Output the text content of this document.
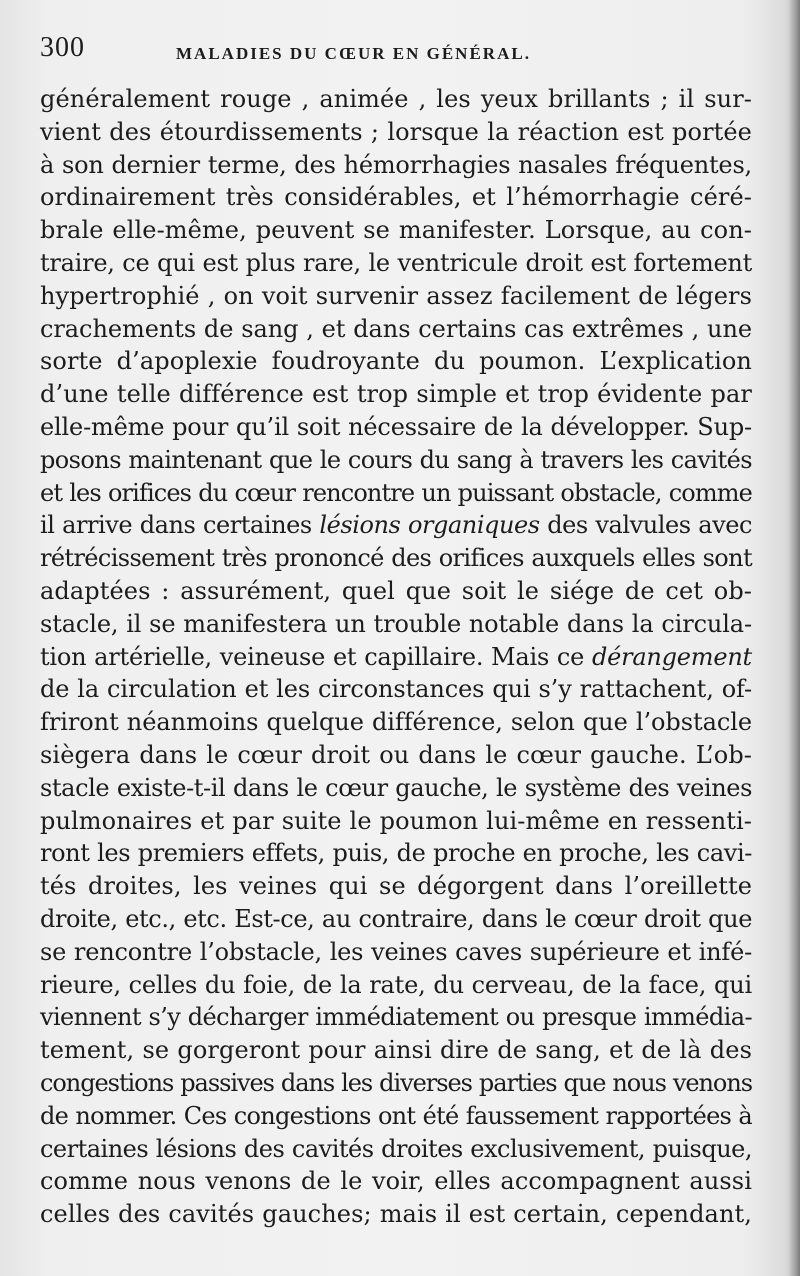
300	MALADIES DU CŒUR EN GÉNÉRAL.
généralement rouge , animée , les yeux brillants ; il sur-
vient des étourdissements ; lorsque la réaction est portée
à son dernier terme, des hémorrhagies nasales fréquentes,
ordinairement très considérables, et l’hémorrhagie céré-
brale elle-même, peuvent se manifester. Lorsque, au con-
traire, ce qui est plus rare, le ventricule droit est fortement
hypertrophié , on voit survenir assez facilement de légers
crachements de sang , et dans certains cas extrêmes , une
sorte d’apoplexie foudroyante du poumon. L’explication
d’une telle différence est trop simple et trop évidente par
elle-même pour qu’il soit nécessaire de la développer. Sup-
posons maintenant que le cours du sang à travers les cavités
et les orifices du cœur rencontre un puissant obstacle, comme
il arrive dans certaines lésions organiques des valvules avec
rétrécissement très prononcé des orifices auxquels elles sont
adaptées : assurément, quel que soit le siége de cet ob-
stacle, il se manifestera un trouble notable dans la circula-
tion artérielle, veineuse et capillaire. Mais ce dérangement
de la circulation et les circonstances qui s’y rattachent, of-
friront néanmoins quelque différence, selon que l’obstacle
siègera dans le cœur droit ou dans le cœur gauche. L’ob-
stacle existe-t-il dans le cœur gauche, le système des veines
pulmonaires et par suite le poumon lui-même en ressenti-
ront les premiers effets, puis, de proche en proche, les cavi-
tés droites, les veines qui se dégorgent dans l’oreillette
droite, etc., etc. Est-ce, au contraire, dans le cœur droit que
se rencontre l’obstacle, les veines caves supérieure et infé-
rieure, celles du foie, de la rate, du cerveau, de la face, qui
viennent s’y décharger immédiatement ou presque immédia-
tement, se gorgeront pour ainsi dire de sang, et de là des
congestions passives dans les diverses parties que nous venons
de nommer. Ces congestions ont été faussement rapportées à
certaines lésions des cavités droites exclusivement, puisque,
comme nous venons de le voir, elles accompagnent aussi
celles des cavités gauches; mais il est certain, cependant,
